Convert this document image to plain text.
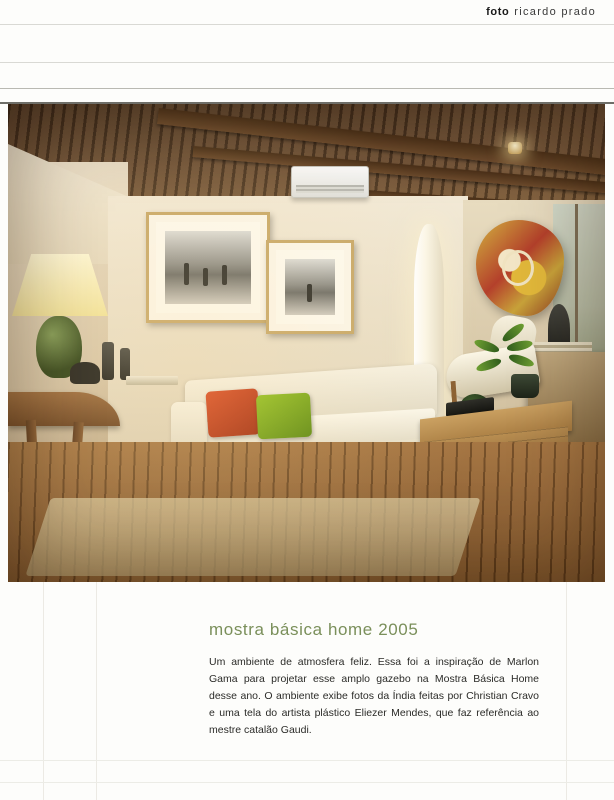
foto ricardo prado
mostra básica home 2005

Um ambiente de atmosfera feliz. Essa foi a inspiração de Marlon Gama para projetar esse amplo gazebo na Mostra Básica Home desse ano. O ambiente exibe fotos da Índia feitas por Christian Cravo e uma tela do artista plástico Eliezer Mendes, que faz referência ao mestre catalão Gaudi.
